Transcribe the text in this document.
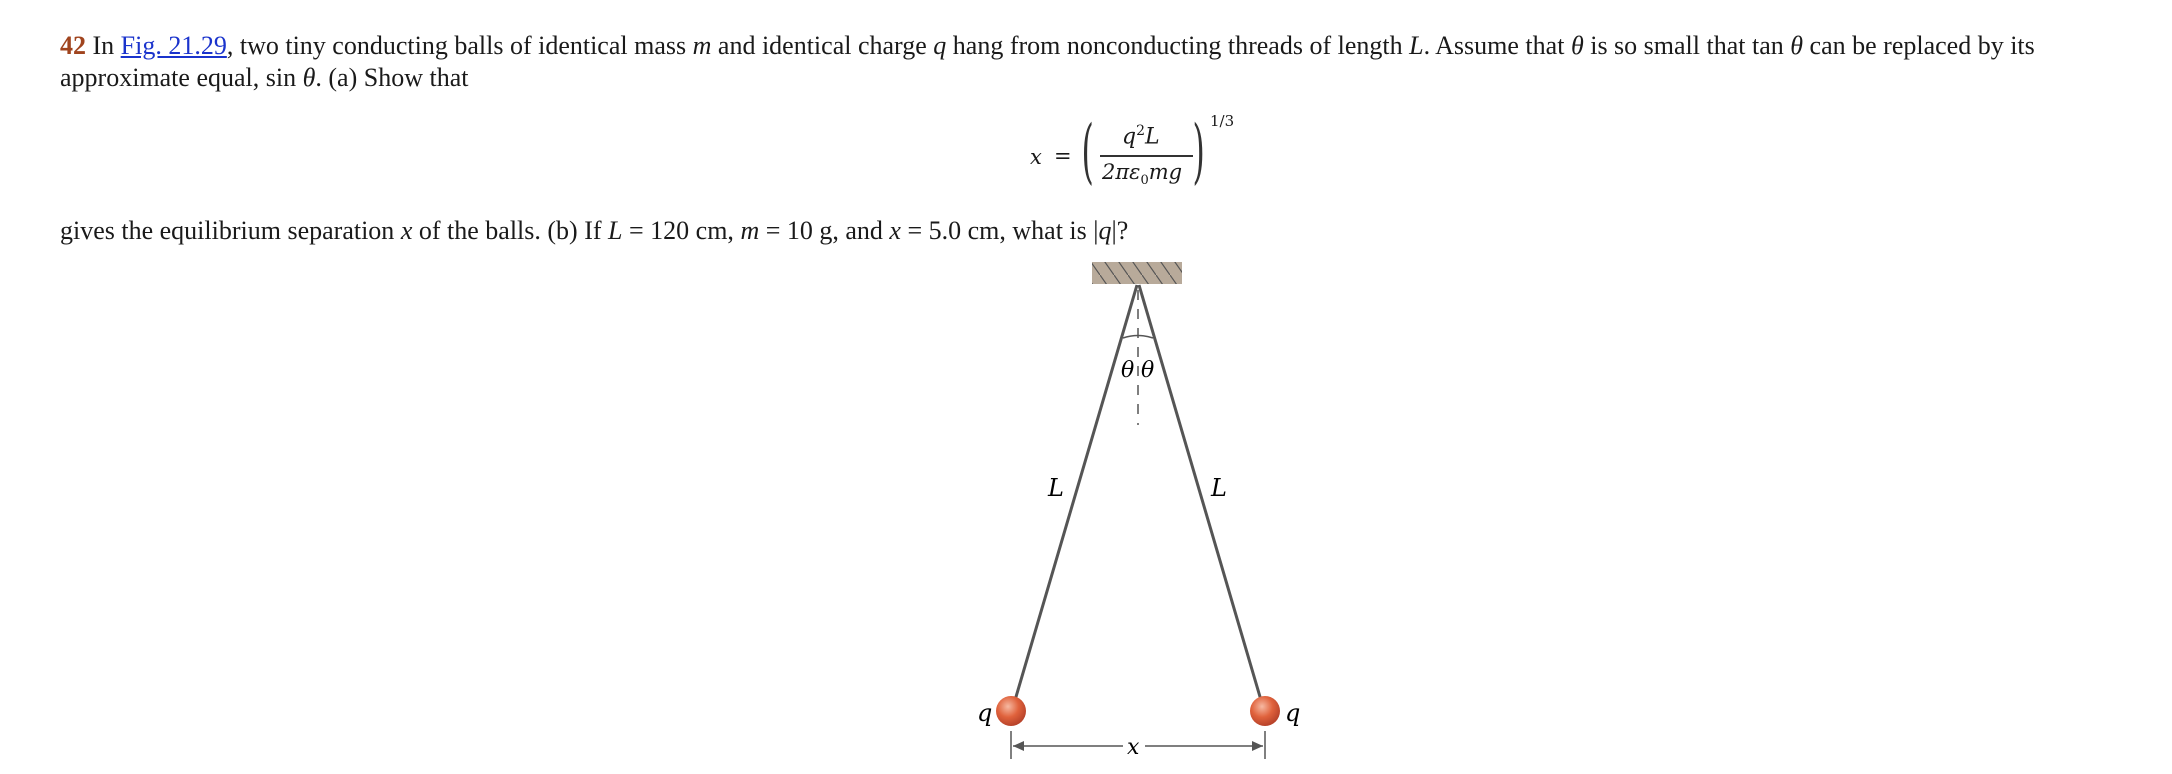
42 In Fig. 21.29, two tiny conducting balls of identical mass m and identical charge q hang from nonconducting threads of length L. Assume that θ is so small that tan θ can be replaced by its approximate equal, sin θ. (a) Show that
x = ( $q^2L$
$2\pi\varepsilon_0mg$ ) 1/3
gives the equilibrium separation x of the balls. (b) If L = 120 cm, m = 10 g, and x = 5.0 cm, what is |q|?
θ θ
L	L
q	q
x
